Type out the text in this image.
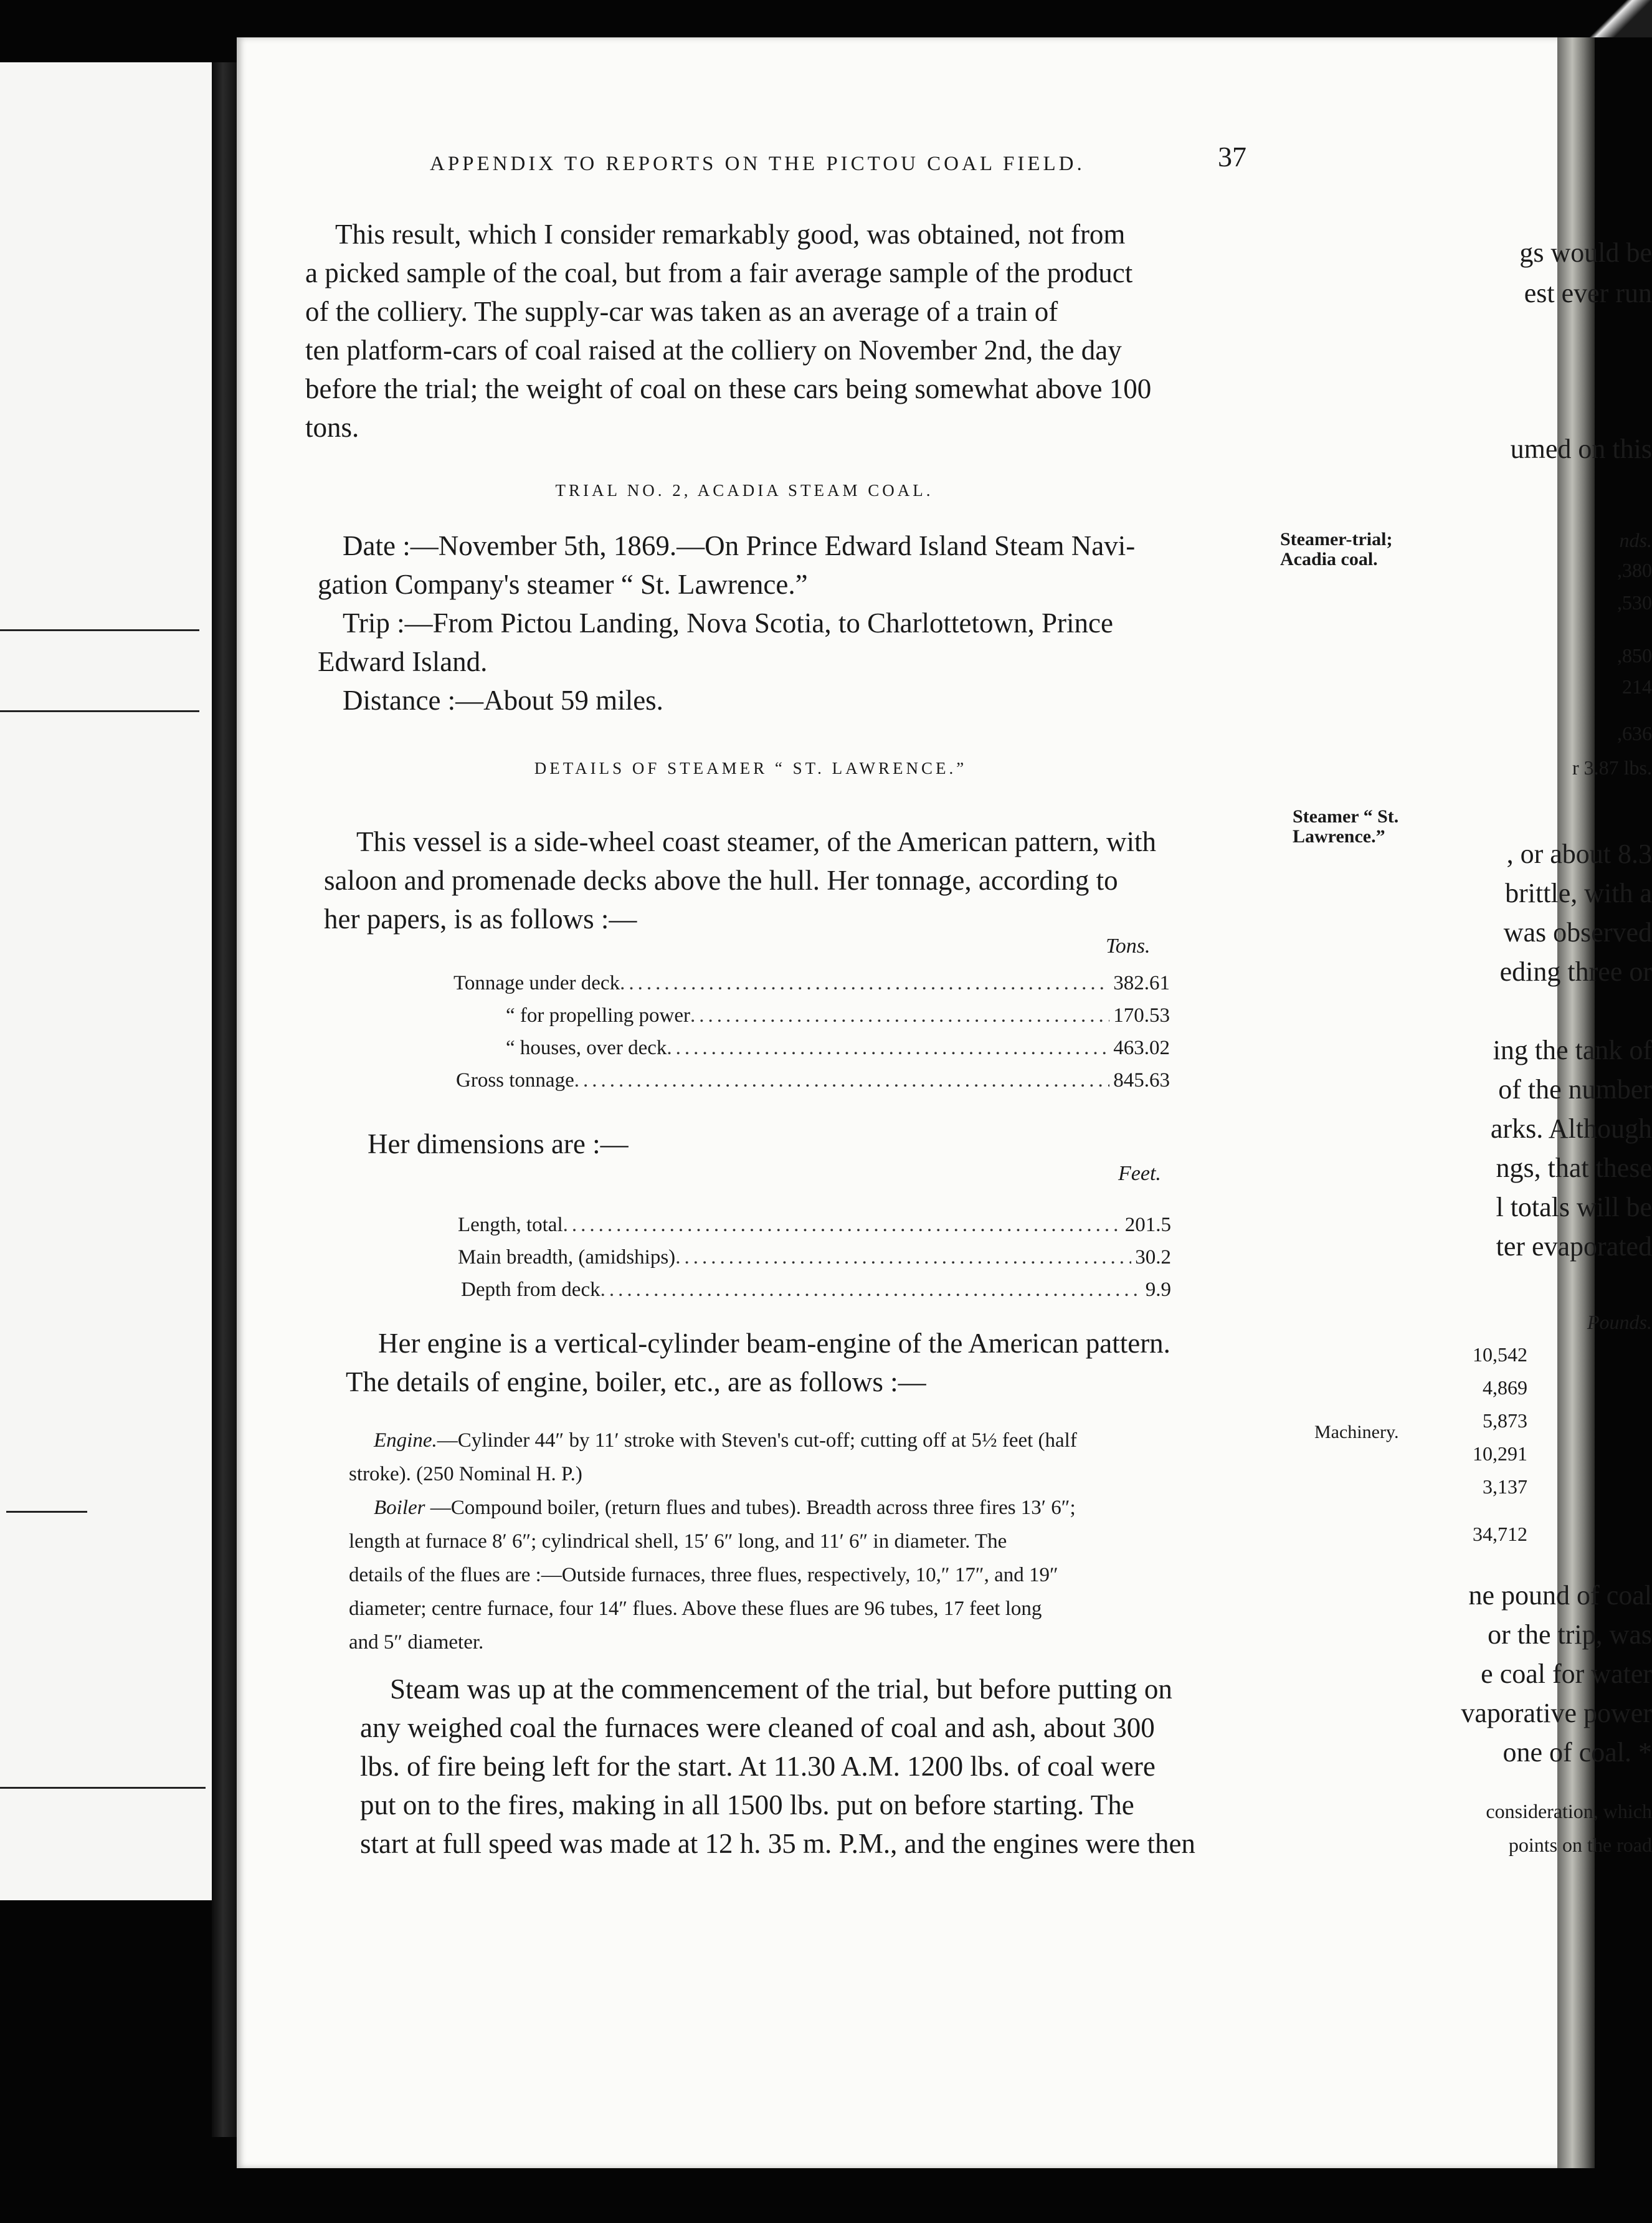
gs would be
est ever run
umed on this
nds.
,380
,530
,850
214
,636
r 3.87 lbs.
, or about 8.3
brittle, with a
was observed
eding three or
ing the tank of
of the number
arks. Although
ngs, that these
l totals will be
ter evaporated
Pounds.
10,542
4,869
5,873
10,291
3,137
34,712
ne pound of coal
or the trip, was
e coal for water
vaporative power
one of coal. *
consideration, which
points on the road
APPENDIX TO REPORTS ON THE PICTOU COAL FIELD.	37
This result, which I consider remarkably good, was obtained, not from
a picked sample of the coal, but from a fair average sample of the product
of the colliery. The supply-car was taken as an average of a train of
ten platform-cars of coal raised at the colliery on November 2nd, the day
before the trial; the weight of coal on these cars being somewhat above 100
tons.
TRIAL NO. 2, ACADIA STEAM COAL.
Date :—November 5th, 1869.—On Prince Edward Island Steam Navi-
gation Company's steamer “ St. Lawrence.”
Trip :—From Pictou Landing, Nova Scotia, to Charlottetown, Prince
Edward Island.
Distance :—About 59 miles.
Steamer-trial;
Acadia coal.
DETAILS OF STEAMER “ ST. LAWRENCE.”
This vessel is a side-wheel coast steamer, of the American pattern, with
saloon and promenade decks above the hull. Her tonnage, according to
her papers, is as follows :—
Steamer “ St.
Lawrence.”
Tons.
Tonnage under deck .....	382.61
“ for propelling power .....	170.53
“ houses, over deck .....	463.02
Gross tonnage .....	845.63
Her dimensions are :—
Feet.
Length, total .....	201.5
Main breadth, (amidships) .....	30.2
Depth from deck .....	9.9
Her engine is a vertical-cylinder beam-engine of the American pattern.
The details of engine, boiler, etc., are as follows :—
Engine.—Cylinder 44″ by 11′ stroke with Steven's cut-off; cutting off at 5½ feet (half
stroke). (250 Nominal H. P.)
Boiler —Compound boiler, (return flues and tubes). Breadth across three fires 13′ 6″;
length at furnace 8′ 6″; cylindrical shell, 15′ 6″ long, and 11′ 6″ in diameter. The
details of the flues are :—Outside furnaces, three flues, respectively, 10,″ 17″, and 19″
diameter; centre furnace, four 14″ flues. Above these flues are 96 tubes, 17 feet long
and 5″ diameter.
Machinery.
Steam was up at the commencement of the trial, but before putting on
any weighed coal the furnaces were cleaned of coal and ash, about 300
lbs. of fire being left for the start. At 11.30 A.M. 1200 lbs. of coal were
put on to the fires, making in all 1500 lbs. put on before starting. The
start at full speed was made at 12 h. 35 m. P.M., and the engines were then
